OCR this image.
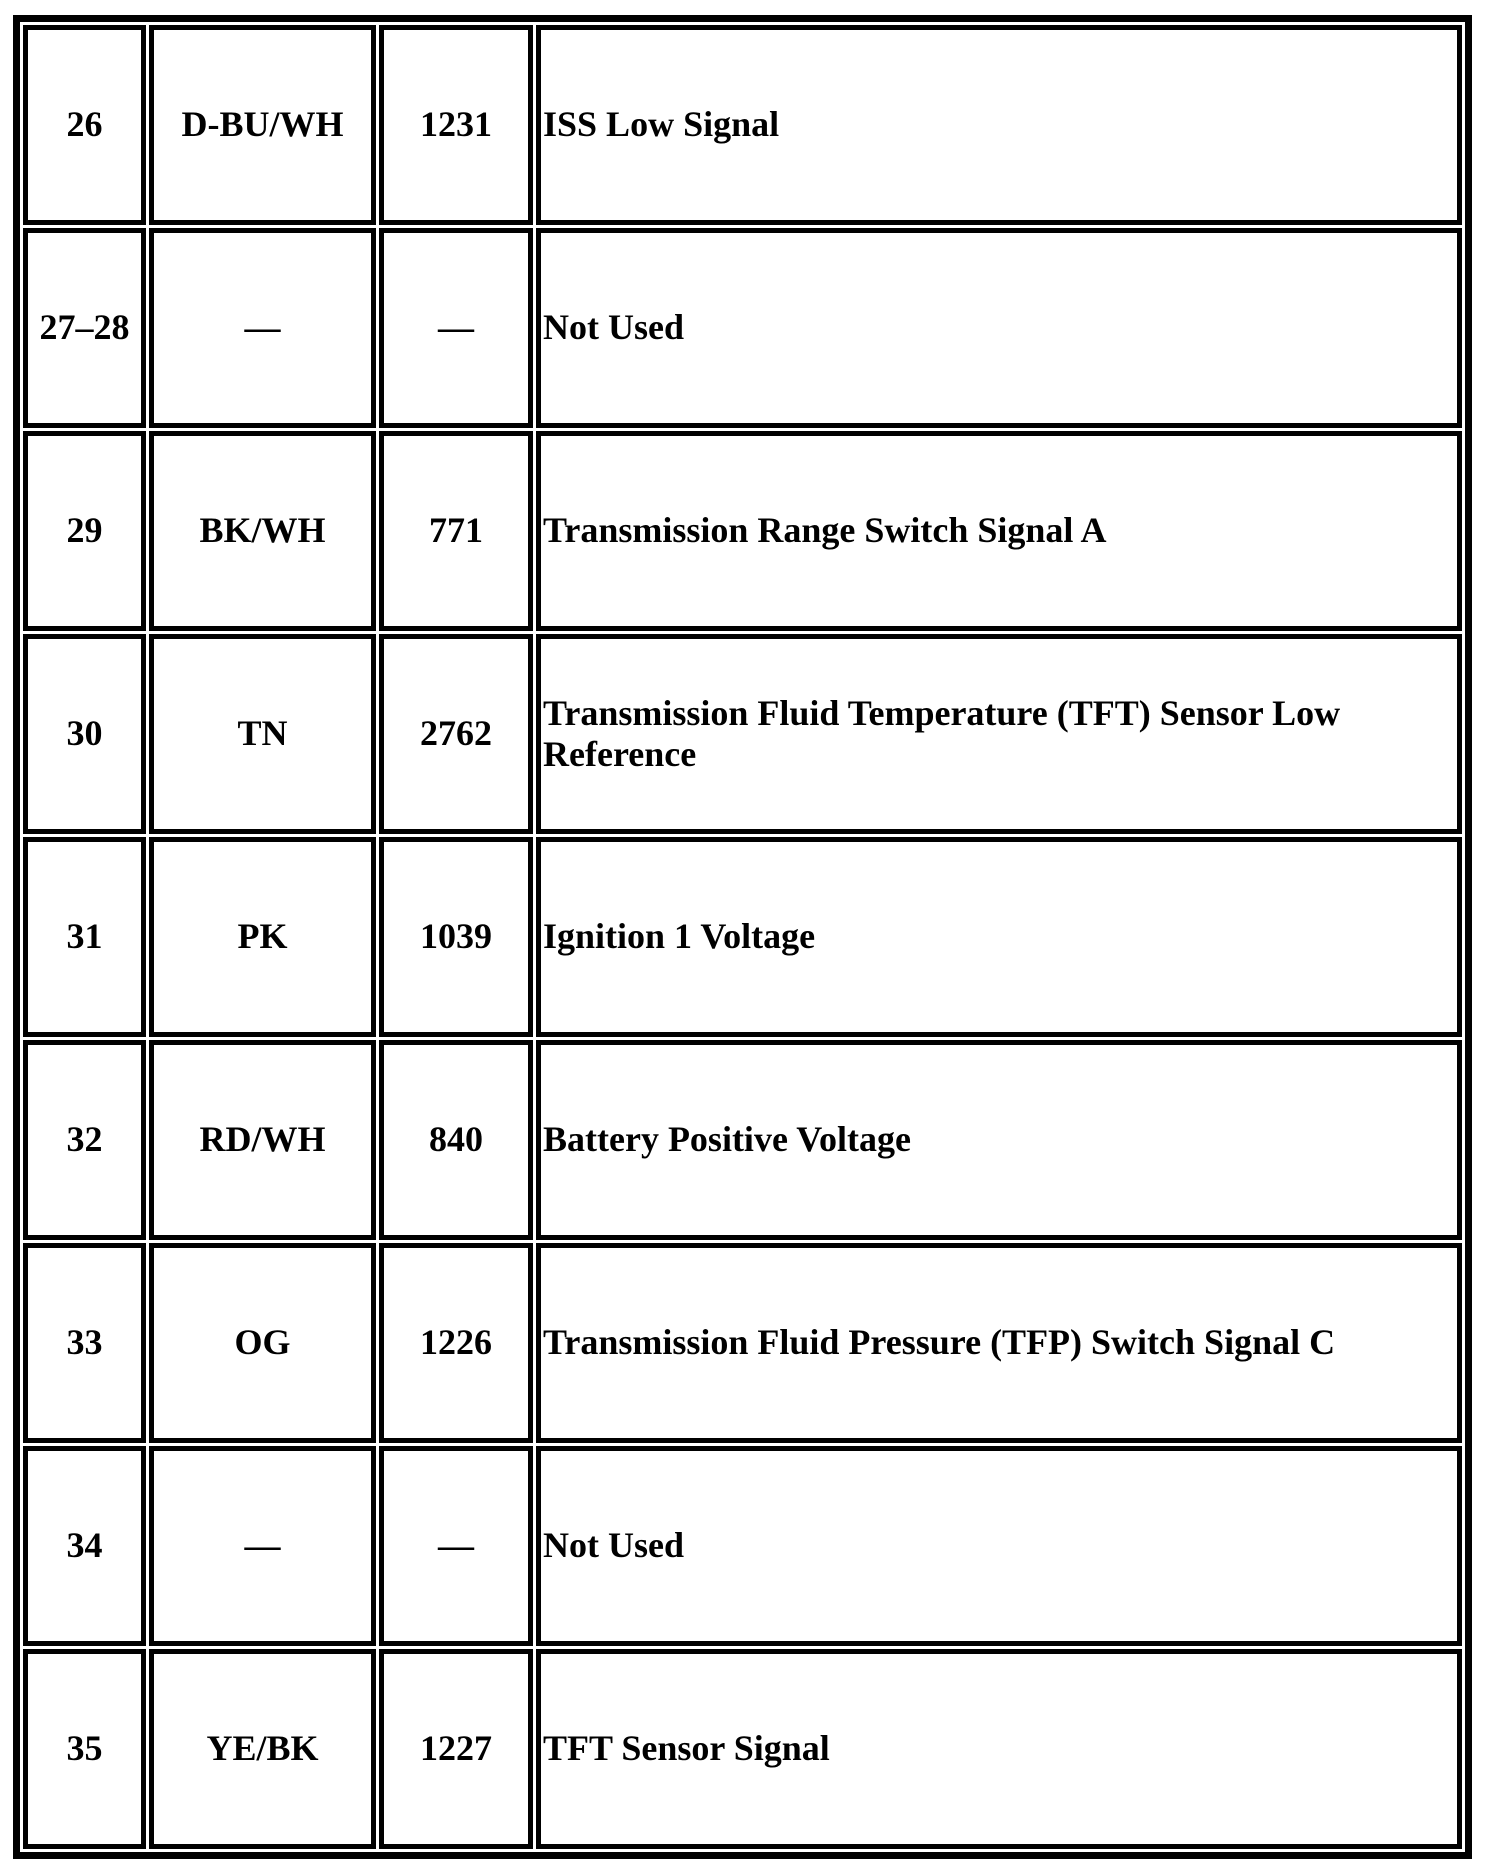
26	D-BU/WH	1231	ISS Low Signal
27–28	—	—	Not Used
29	BK/WH	771	Transmission Range Switch Signal A
30	TN	2762	Transmission Fluid Temperature (TFT) Sensor Low Reference
31	PK	1039	Ignition 1 Voltage
32	RD/WH	840	Battery Positive Voltage
33	OG	1226	Transmission Fluid Pressure (TFP) Switch Signal C
34	—	—	Not Used
35	YE/BK	1227	TFT Sensor Signal
